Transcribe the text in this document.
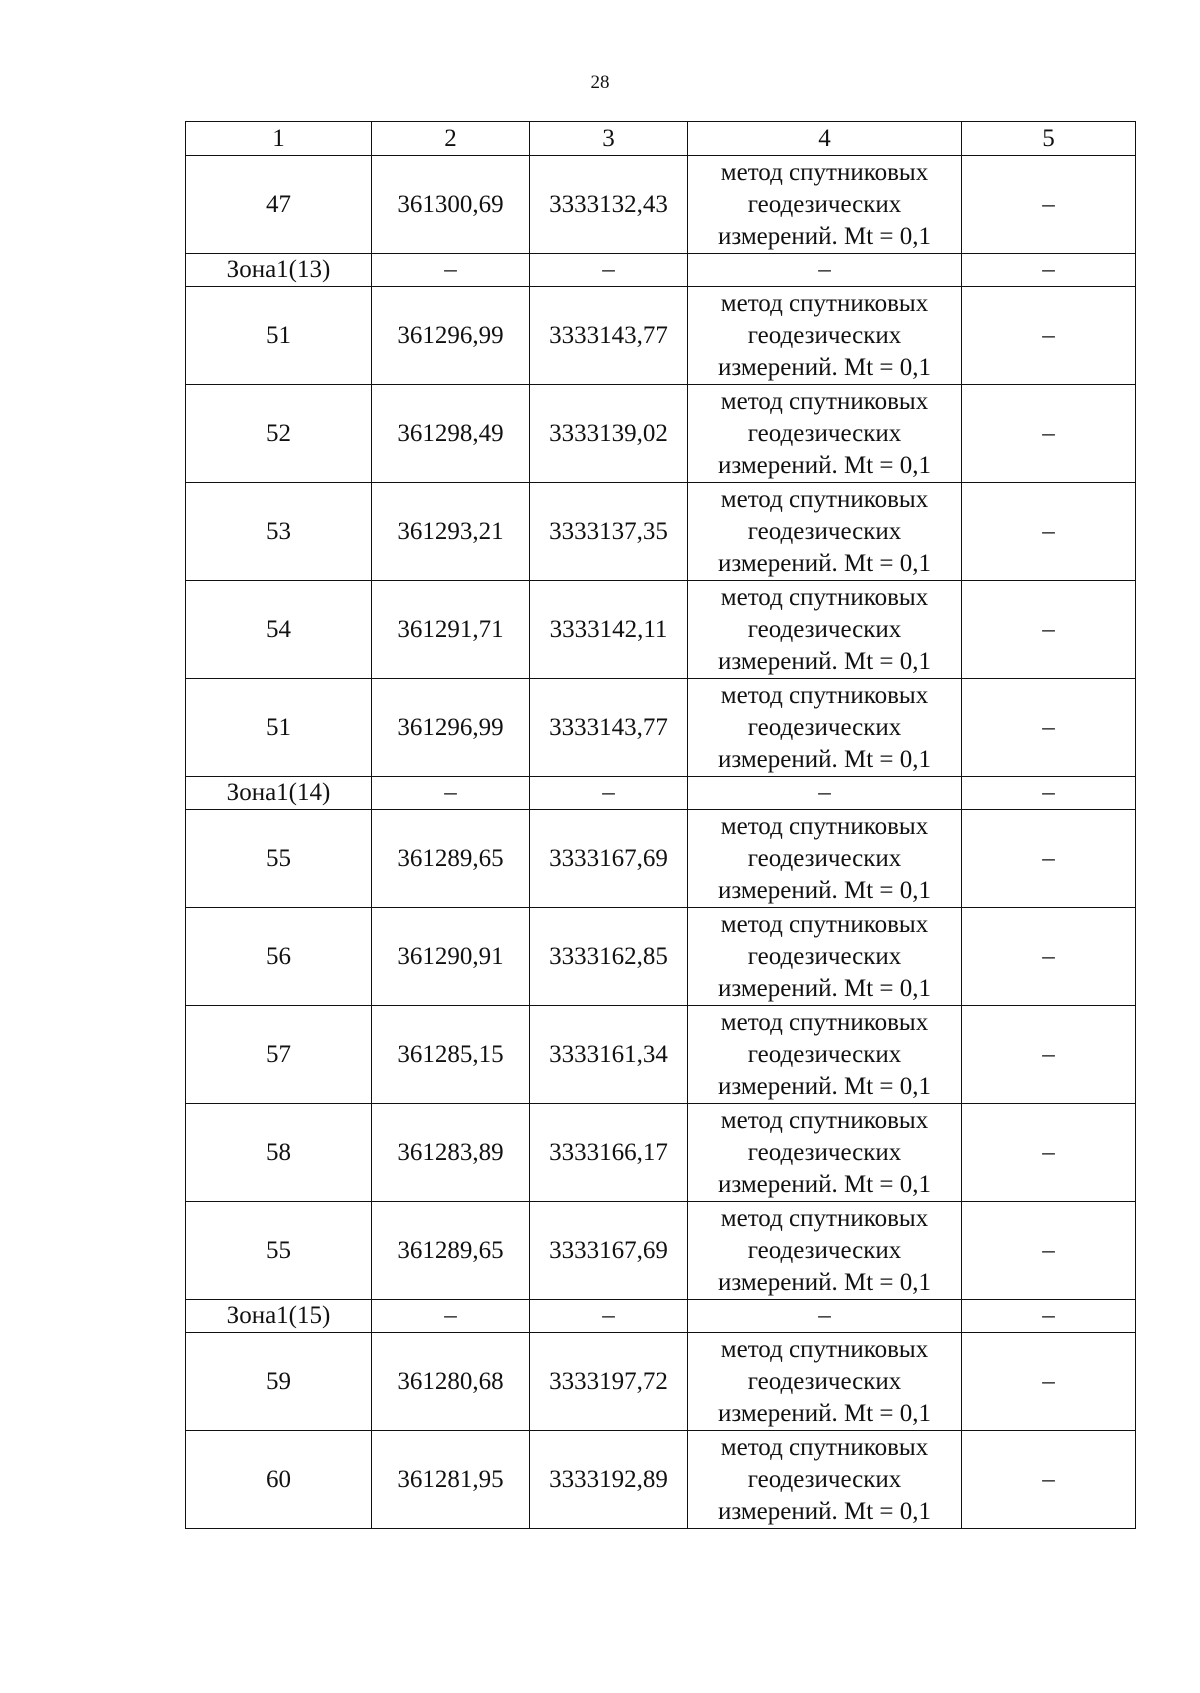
28
1	2	3	4	5
47	361300,69	3333132,43	метод спутниковых
геодезических
измерений. Mt = 0,1	–
Зона1(13)	–	–	–	–
51	361296,99	3333143,77	метод спутниковых
геодезических
измерений. Mt = 0,1	–
52	361298,49	3333139,02	метод спутниковых
геодезических
измерений. Mt = 0,1	–
53	361293,21	3333137,35	метод спутниковых
геодезических
измерений. Mt = 0,1	–
54	361291,71	3333142,11	метод спутниковых
геодезических
измерений. Mt = 0,1	–
51	361296,99	3333143,77	метод спутниковых
геодезических
измерений. Mt = 0,1	–
Зона1(14)	–	–	–	–
55	361289,65	3333167,69	метод спутниковых
геодезических
измерений. Mt = 0,1	–
56	361290,91	3333162,85	метод спутниковых
геодезических
измерений. Mt = 0,1	–
57	361285,15	3333161,34	метод спутниковых
геодезических
измерений. Mt = 0,1	–
58	361283,89	3333166,17	метод спутниковых
геодезических
измерений. Mt = 0,1	–
55	361289,65	3333167,69	метод спутниковых
геодезических
измерений. Mt = 0,1	–
Зона1(15)	–	–	–	–
59	361280,68	3333197,72	метод спутниковых
геодезических
измерений. Mt = 0,1	–
60	361281,95	3333192,89	метод спутниковых
геодезических
измерений. Mt = 0,1	–
